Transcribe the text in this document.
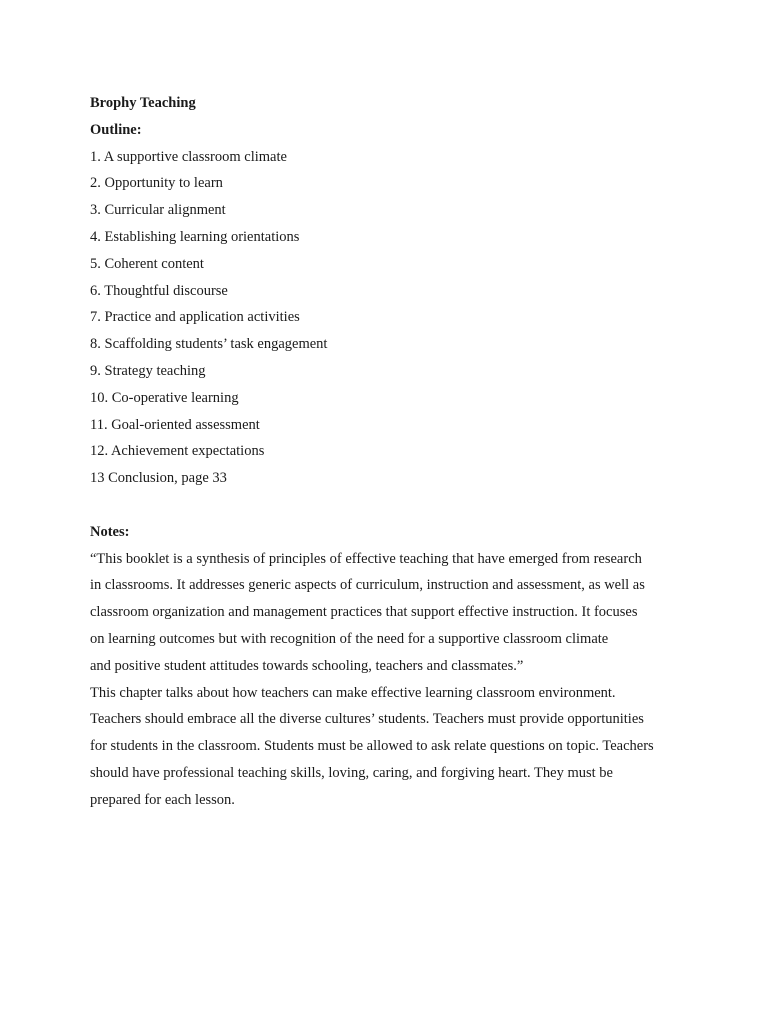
Brophy Teaching
Outline:
1. A supportive classroom climate
2. Opportunity to learn
3. Curricular alignment
4. Establishing learning orientations
5. Coherent content
6. Thoughtful discourse
7. Practice and application activities
8. Scaffolding students’ task engagement
9. Strategy teaching
10. Co-operative learning
11. Goal-oriented assessment
12. Achievement expectations
13 Conclusion, page 33
Notes:
“This booklet is a synthesis of principles of effective teaching that have emerged from research
in classrooms. It addresses generic aspects of curriculum, instruction and assessment, as well as
classroom organization and management practices that support effective instruction. It focuses
on learning outcomes but with recognition of the need for a supportive classroom climate
and positive student attitudes towards schooling, teachers and classmates.”
This chapter talks about how teachers can make effective learning classroom environment.
Teachers should embrace all the diverse cultures’ students. Teachers must provide opportunities
for students in the classroom. Students must be allowed to ask relate questions on topic. Teachers
should have professional teaching skills, loving, caring, and forgiving heart. They must be
prepared for each lesson.
